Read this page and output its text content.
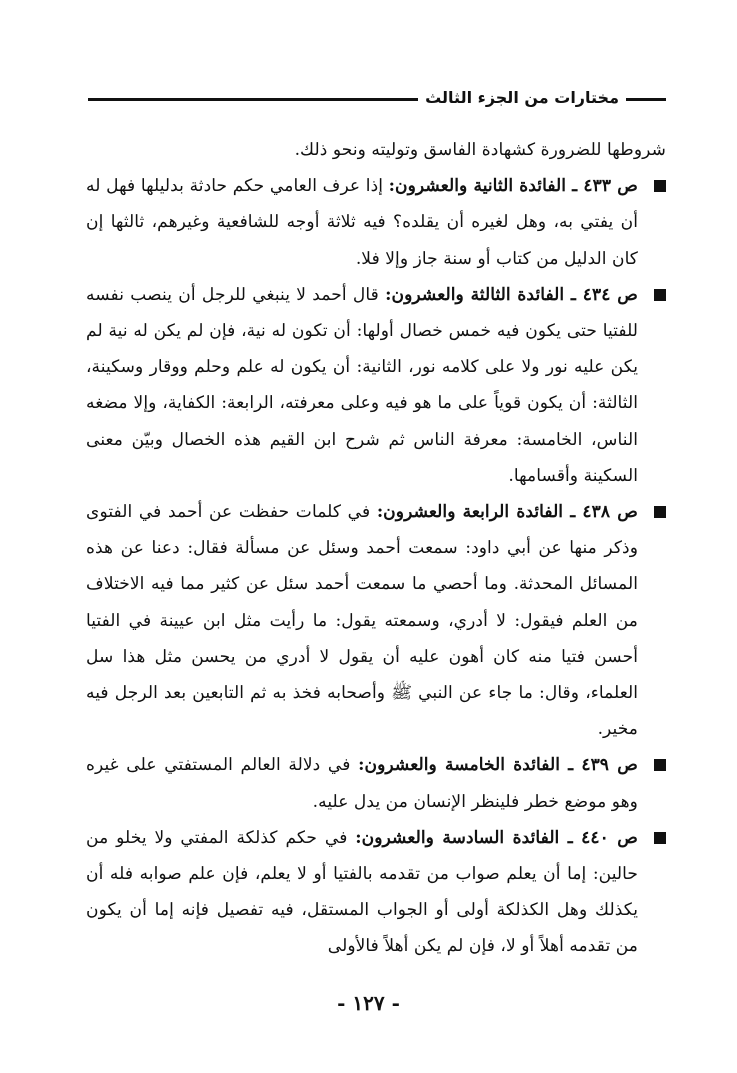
مختارات من الجزء الثالث

شروطها للضرورة كشهادة الفاسق وتوليته ونحو ذلك.

ص ٤٣٣ ـ الفائدة الثانية والعشرون: إذا عرف العامي حكم حادثة بدليلها فهل له أن يفتي به، وهل لغيره أن يقلده؟ فيه ثلاثة أوجه للشافعية وغيرهم، ثالثها إن كان الدليل من كتاب أو سنة جاز وإلا فلا.

ص ٤٣٤ ـ الفائدة الثالثة والعشرون: قال أحمد لا ينبغي للرجل أن ينصب نفسه للفتيا حتى يكون فيه خمس خصال أولها: أن تكون له نية، فإن لم يكن له نية لم يكن عليه نور ولا على كلامه نور، الثانية: أن يكون له علم وحلم ووقار وسكينة، الثالثة: أن يكون قوياً على ما هو فيه وعلى معرفته، الرابعة: الكفاية، وإلا مضغه الناس، الخامسة: معرفة الناس ثم شرح ابن القيم هذه الخصال وبيّن معنى السكينة وأقسامها.

ص ٤٣٨ ـ الفائدة الرابعة والعشرون: في كلمات حفظت عن أحمد في الفتوى وذكر منها عن أبي داود: سمعت أحمد وسئل عن مسألة فقال: دعنا عن هذه المسائل المحدثة. وما أحصي ما سمعت أحمد سئل عن كثير مما فيه الاختلاف من العلم فيقول: لا أدري، وسمعته يقول: ما رأيت مثل ابن عيينة في الفتيا أحسن فتيا منه كان أهون عليه أن يقول لا أدري من يحسن مثل هذا سل العلماء، وقال: ما جاء عن النبي ﷺ وأصحابه فخذ به ثم التابعين بعد الرجل فيه مخير.

ص ٤٣٩ ـ الفائدة الخامسة والعشرون: في دلالة العالم المستفتي على غيره وهو موضع خطر فلينظر الإنسان من يدل عليه.

ص ٤٤٠ ـ الفائدة السادسة والعشرون: في حكم كذلكة المفتي ولا يخلو من حالين: إما أن يعلم صواب من تقدمه بالفتيا أو لا يعلم، فإن علم صوابه فله أن يكذلك وهل الكذلكة أولى أو الجواب المستقل، فيه تفصيل فإنه إما أن يكون من تقدمه أهلاً أو لا، فإن لم يكن أهلاً فالأولى

- ١٢٧ -
